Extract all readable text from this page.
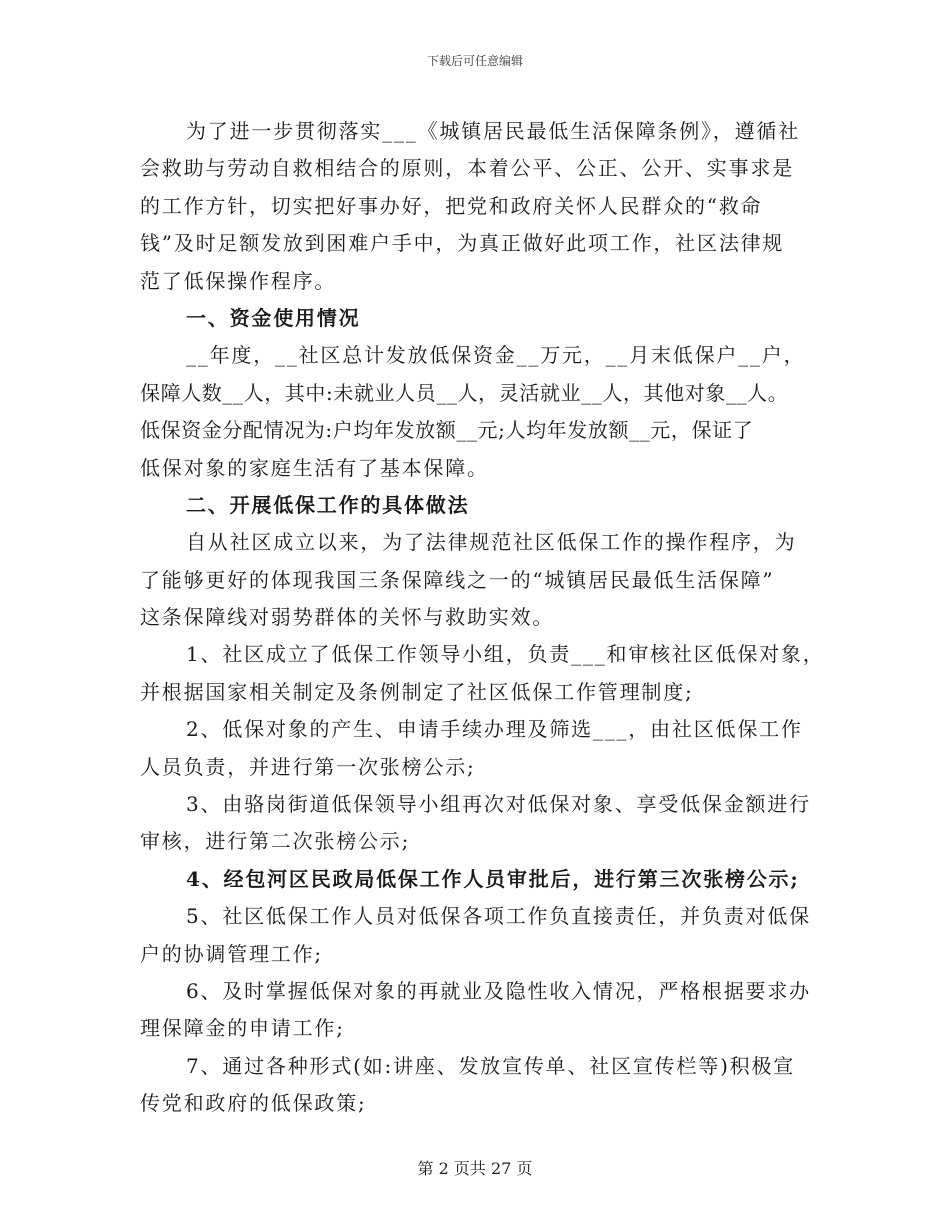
下载后可任意编辑
为了进一步贯彻落实___《城镇居民最低生活保障条例》，遵循社
会救助与劳动自救相结合的原则，本着公平、公正、公开、实事求是
的工作方针，切实把好事办好，把党和政府关怀人民群众的“救命
钱”及时足额发放到困难户手中，为真正做好此项工作，社区法律规
范了低保操作程序。
一、资金使用情况
__年度，__社区总计发放低保资金__万元，__月末低保户__户，
保障人数__人，其中:未就业人员__人，灵活就业__人，其他对象__人。
低保资金分配情况为:户均年发放额__元;人均年发放额__元，保证了
低保对象的家庭生活有了基本保障。
二、开展低保工作的具体做法
自从社区成立以来，为了法律规范社区低保工作的操作程序，为
了能够更好的体现我国三条保障线之一的“城镇居民最低生活保障”
这条保障线对弱势群体的关怀与救助实效。
1、社区成立了低保工作领导小组，负责___和审核社区低保对象，
并根据国家相关制定及条例制定了社区低保工作管理制度;
2、低保对象的产生、申请手续办理及筛选___，由社区低保工作
人员负责，并进行第一次张榜公示;
3、由骆岗街道低保领导小组再次对低保对象、享受低保金额进行
审核，进行第二次张榜公示;
4、经包河区民政局低保工作人员审批后，进行第三次张榜公示;
5、社区低保工作人员对低保各项工作负直接责任，并负责对低保
户的协调管理工作;
6、及时掌握低保对象的再就业及隐性收入情况，严格根据要求办
理保障金的申请工作;
7、通过各种形式(如:讲座、发放宣传单、社区宣传栏等)积极宣
传党和政府的低保政策;
第 2 页共 27 页
